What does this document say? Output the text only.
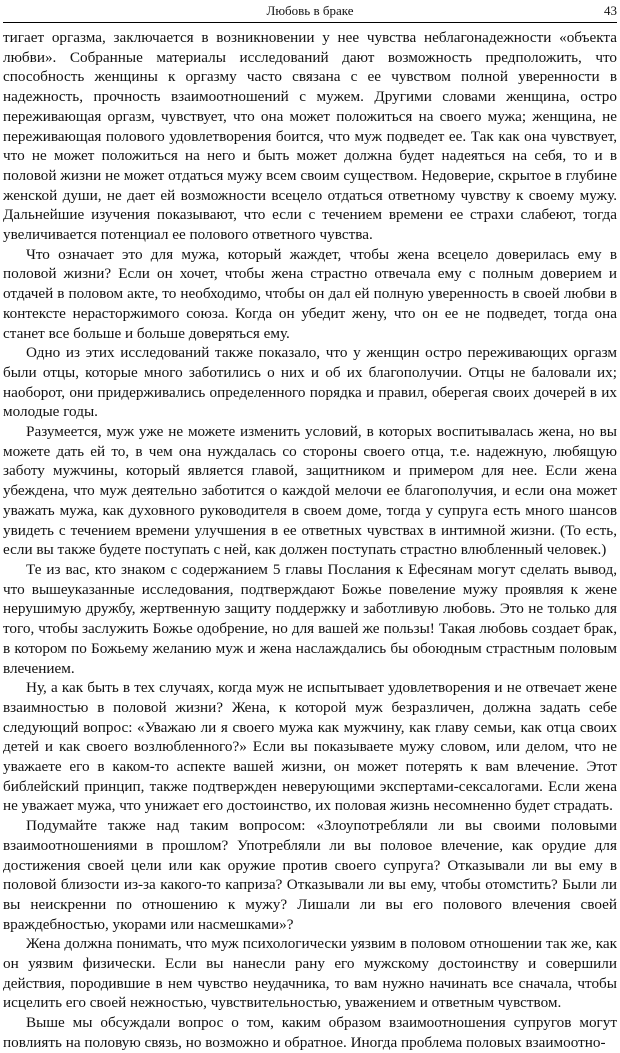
Любовь в браке	43

тигает оргазма, заключается в возникновении у нее чувства неблагонадежности «объекта любви». Собранные материалы исследований дают возможность предположить, что способность женщины к оргазму часто связана с ее чувством полной уверенности в надежность, прочность взаимоотношений с мужем. Другими словами женщина, остро переживающая оргазм, чувствует, что она может положиться на своего мужа; женщина, не переживающая полового удовлетворения боится, что муж подведет ее. Так как она чувствует, что не может положиться на него и быть может должна будет надеяться на себя, то и в половой жизни не может отдаться мужу всем своим существом. Недоверие, скрытое в глубине женской души, не дает ей возможности всецело отдаться ответному чувству к своему мужу. Дальнейшие изучения показывают, что если с течением времени ее страхи слабеют, тогда увеличивается потенциал ее полового ответного чувства.

Что означает это для мужа, который жаждет, чтобы жена всецело доверилась ему в половой жизни? Если он хочет, чтобы жена страстно отвечала ему с полным доверием и отдачей в половом акте, то необходимо, чтобы он дал ей полную уверенность в своей любви в контексте нерасторжимого союза. Когда он убедит жену, что он ее не подведет, тогда она станет все больше и больше доверяться ему.

Одно из этих исследований также показало, что у женщин остро переживающих оргазм были отцы, которые много заботились о них и об их благополучии. Отцы не баловали их; наоборот, они придерживались определенного порядка и правил, оберегая своих дочерей в их молодые годы.

Разумеется, муж уже не можете изменить условий, в которых воспитывалась жена, но вы можете дать ей то, в чем она нуждалась со стороны своего отца, т.е. надежную, любящую заботу мужчины, который является главой, защитником и примером для нее. Если жена убеждена, что муж деятельно заботится о каждой мелочи ее благополучия, и если она может уважать мужа, как духовного руководителя в своем доме, тогда у супруга есть много шансов увидеть с течением времени улучшения в ее ответных чувствах в интимной жизни. (То есть, если вы также будете поступать с ней, как должен поступать страстно влюбленный человек.)

Те из вас, кто знаком с содержанием 5 главы Послания к Ефесянам могут сделать вывод, что вышеуказанные исследования, подтверждают Божье повеление мужу проявляя к жене нерушимую дружбу, жертвенную защиту поддержку и заботливую любовь. Это не только для того, чтобы заслужить Божье одобрение, но для вашей же пользы! Такая любовь создает брак, в котором по Божьему желанию муж и жена наслаждались бы обоюдным страстным половым влечением.

Ну, а как быть в тех случаях, когда муж не испытывает удовлетворения и не отвечает жене взаимностью в половой жизни? Жена, к которой муж безразличен, должна задать себе следующий вопрос: «Уважаю ли я своего мужа как мужчину, как главу семьи, как отца своих детей и как своего возлюбленного?» Если вы показываете мужу словом, или делом, что не уважаете его в каком-то аспекте вашей жизни, он может потерять к вам влечение. Этот библейский принцип, также подтвержден неверующими экспертами-сексалогами. Если жена не уважает мужа, что унижает его достоинство, их половая жизнь несомненно будет страдать.

Подумайте также над таким вопросом: «Злоупотребляли ли вы своими половыми взаимоотношениями в прошлом? Употребляли ли вы половое влечение, как орудие для достижения своей цели или как оружие против своего супруга? Отказывали ли вы ему в половой близости из-за какого-то каприза? Отказывали ли вы ему, чтобы отомстить? Были ли вы неискренни по отношению к мужу? Лишали ли вы его полового влечения своей враждебностью, укорами или насмешками»?

Жена должна понимать, что муж психологически уязвим в половом отношении так же, как он уязвим физически. Если вы нанесли рану его мужскому достоинству и совершили действия, породившие в нем чувство неудачника, то вам нужно начинать все сначала, чтобы исцелить его своей нежностью, чувствительностью, уважением и ответным чувством.

Выше мы обсуждали вопрос о том, каким образом взаимоотношения супругов могут повлиять на половую связь, но возможно и обратное. Иногда проблема половых взаимоотно-
